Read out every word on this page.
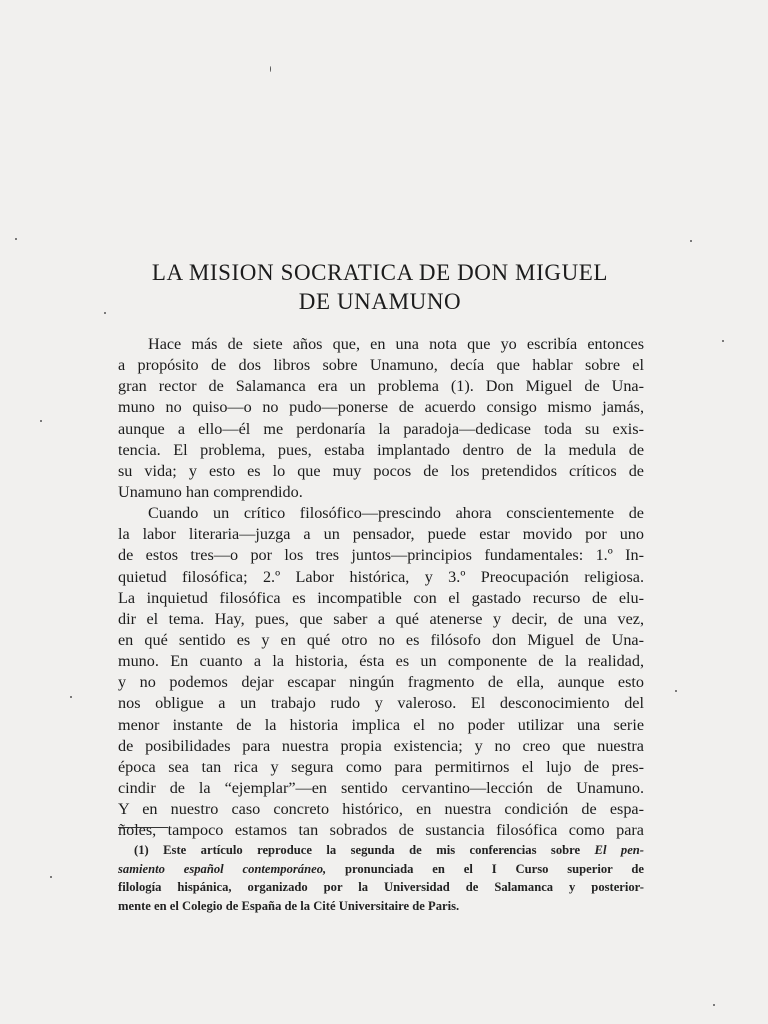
LA MISION SOCRATICA DE DON MIGUEL
DE UNAMUNO
Hace más de siete años que, en una nota que yo escribía entonces
a propósito de dos libros sobre Unamuno, decía que hablar sobre el
gran rector de Salamanca era un problema (1). Don Miguel de Una-
muno no quiso—o no pudo—ponerse de acuerdo consigo mismo jamás,
aunque a ello—él me perdonaría la paradoja—dedicase toda su exis-
tencia. El problema, pues, estaba implantado dentro de la medula de
su vida; y esto es lo que muy pocos de los pretendidos críticos de
Unamuno han comprendido.
Cuando un crítico filosófico—prescindo ahora conscientemente de
la labor literaria—juzga a un pensador, puede estar movido por uno
de estos tres—o por los tres juntos—principios fundamentales: 1.º In-
quietud filosófica; 2.º Labor histórica, y 3.º Preocupación religiosa.
La inquietud filosófica es incompatible con el gastado recurso de elu-
dir el tema. Hay, pues, que saber a qué atenerse y decir, de una vez,
en qué sentido es y en qué otro no es filósofo don Miguel de Una-
muno. En cuanto a la historia, ésta es un componente de la realidad,
y no podemos dejar escapar ningún fragmento de ella, aunque esto
nos obligue a un trabajo rudo y valeroso. El desconocimiento del
menor instante de la historia implica el no poder utilizar una serie
de posibilidades para nuestra propia existencia; y no creo que nuestra
época sea tan rica y segura como para permitirnos el lujo de pres-
cindir de la “ejemplar”—en sentido cervantino—lección de Unamuno.
Y en nuestro caso concreto histórico, en nuestra condición de espa-
ñoles, tampoco estamos tan sobrados de sustancia filosófica como para
(1) Este artículo reproduce la segunda de mis conferencias sobre El pen-
samiento español contemporáneo, pronunciada en el I Curso superior de
filología hispánica, organizado por la Universidad de Salamanca y posterior-
mente en el Colegio de España de la Cité Universitaire de Paris.
